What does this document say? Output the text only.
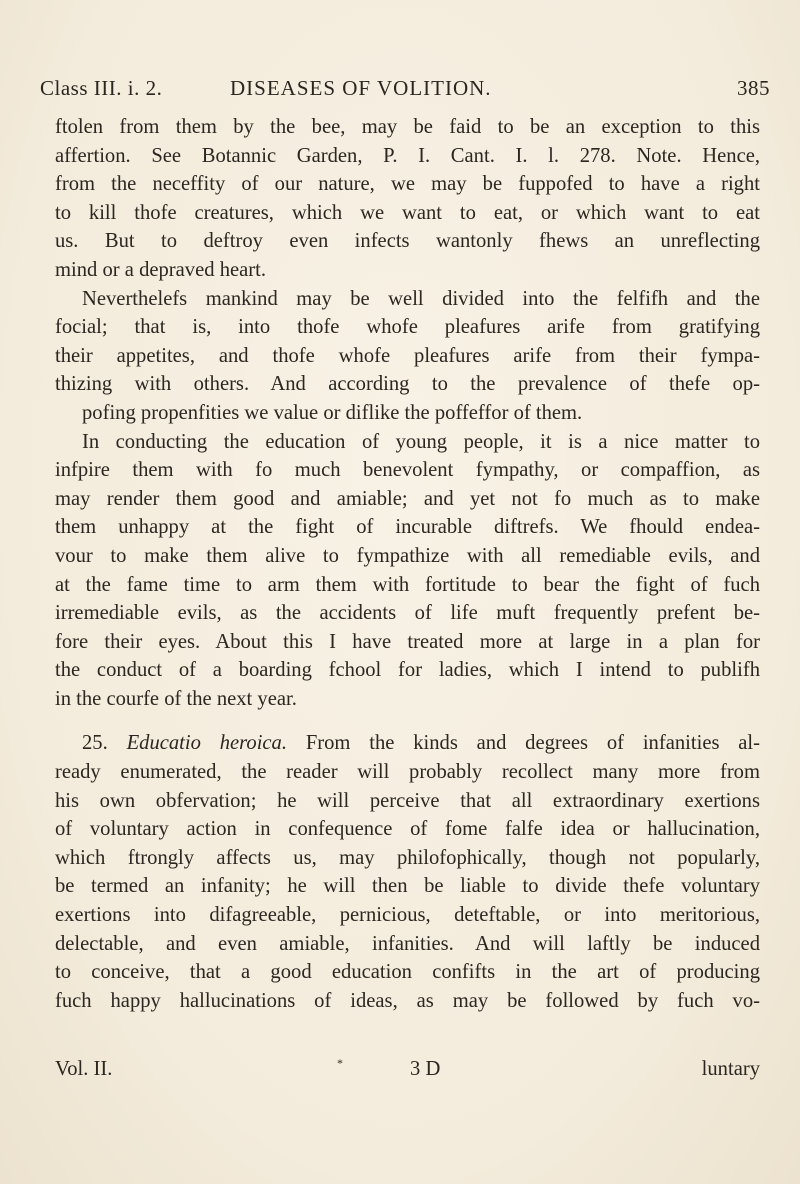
Class III. i. 2.	DISEASES OF VOLITION.	385
ftolen from them by the bee, may be faid to be an exception to this
affertion. See Botannic Garden, P. I. Cant. I. l. 278. Note. Hence,
from the neceffity of our nature, we may be fuppofed to have a right
to kill thofe creatures, which we want to eat, or which want to eat
us. But to deftroy even infects wantonly fhews an unreflecting
mind or a depraved heart.
Neverthelefs mankind may be well divided into the felfifh and the
focial; that is, into thofe whofe pleafures arife from gratifying
their appetites, and thofe whofe pleafures arife from their fympa-
thizing with others. And according to the prevalence of thefe op-
pofing propenfities we value or diflike the poffeffor of them.
In conducting the education of young people, it is a nice matter to
infpire them with fo much benevolent fympathy, or compaffion, as
may render them good and amiable; and yet not fo much as to make
them unhappy at the fight of incurable diftrefs. We fhould endea-
vour to make them alive to fympathize with all remediable evils, and
at the fame time to arm them with fortitude to bear the fight of fuch
irremediable evils, as the accidents of life muft frequently prefent be-
fore their eyes. About this I have treated more at large in a plan for
the conduct of a boarding fchool for ladies, which I intend to publifh
in the courfe of the next year.
25. Educatio heroica. From the kinds and degrees of infanities al-
ready enumerated, the reader will probably recollect many more from
his own obfervation; he will perceive that all extraordinary exertions
of voluntary action in confequence of fome falfe idea or hallucination,
which ftrongly affects us, may philofophically, though not popularly,
be termed an infanity; he will then be liable to divide thefe voluntary
exertions into difagreeable, pernicious, deteftable, or into meritorious,
delectable, and even amiable, infanities. And will laftly be induced
to conceive, that a good education confifts in the art of producing
fuch happy hallucinations of ideas, as may be followed by fuch vo-
Vol. II.	*	3 D	luntary
